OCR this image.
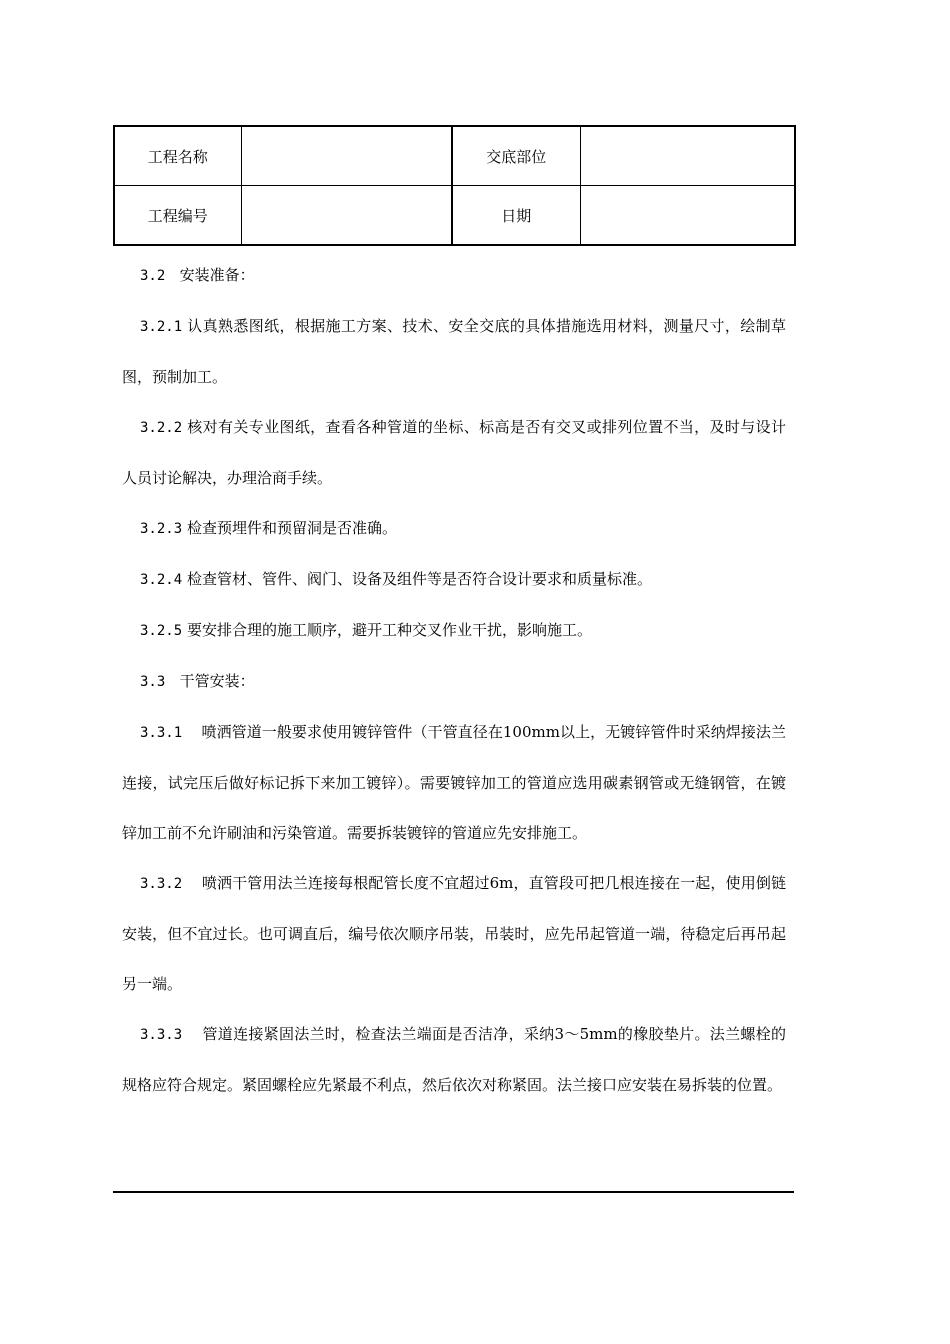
工程名称		交底部位	
工程编号		日期	

3.2 安装准备：

3.2.1 认真熟悉图纸，根据施工方案、技术、安全交底的具体措施选用材料，测量尺寸，绘制草图，预制加工。

3.2.2 核对有关专业图纸，查看各种管道的坐标、标高是否有交叉或排列位置不当，及时与设计人员讨论解决，办理洽商手续。

3.2.3 检查预埋件和预留洞是否准确。

3.2.4 检查管材、管件、阀门、设备及组件等是否符合设计要求和质量标准。

3.2.5 要安排合理的施工顺序，避开工种交叉作业干扰，影响施工。

3.3 干管安装：

3.3.1 喷洒管道一般要求使用镀锌管件（干管直径在100mm以上，无镀锌管件时采纳焊接法兰连接，试完压后做好标记拆下来加工镀锌）。需要镀锌加工的管道应选用碳素钢管或无缝钢管，在镀锌加工前不允许刷油和污染管道。需要拆装镀锌的管道应先安排施工。

3.3.2 喷洒干管用法兰连接每根配管长度不宜超过6m，直管段可把几根连接在一起，使用倒链安装，但不宜过长。也可调直后，编号依次顺序吊装，吊装时，应先吊起管道一端，待稳定后再吊起另一端。

3.3.3 管道连接紧固法兰时，检查法兰端面是否洁净，采纳3～5mm的橡胶垫片。法兰螺栓的规格应符合规定。紧固螺栓应先紧最不利点，然后依次对称紧固。法兰接口应安装在易拆装的位置。
